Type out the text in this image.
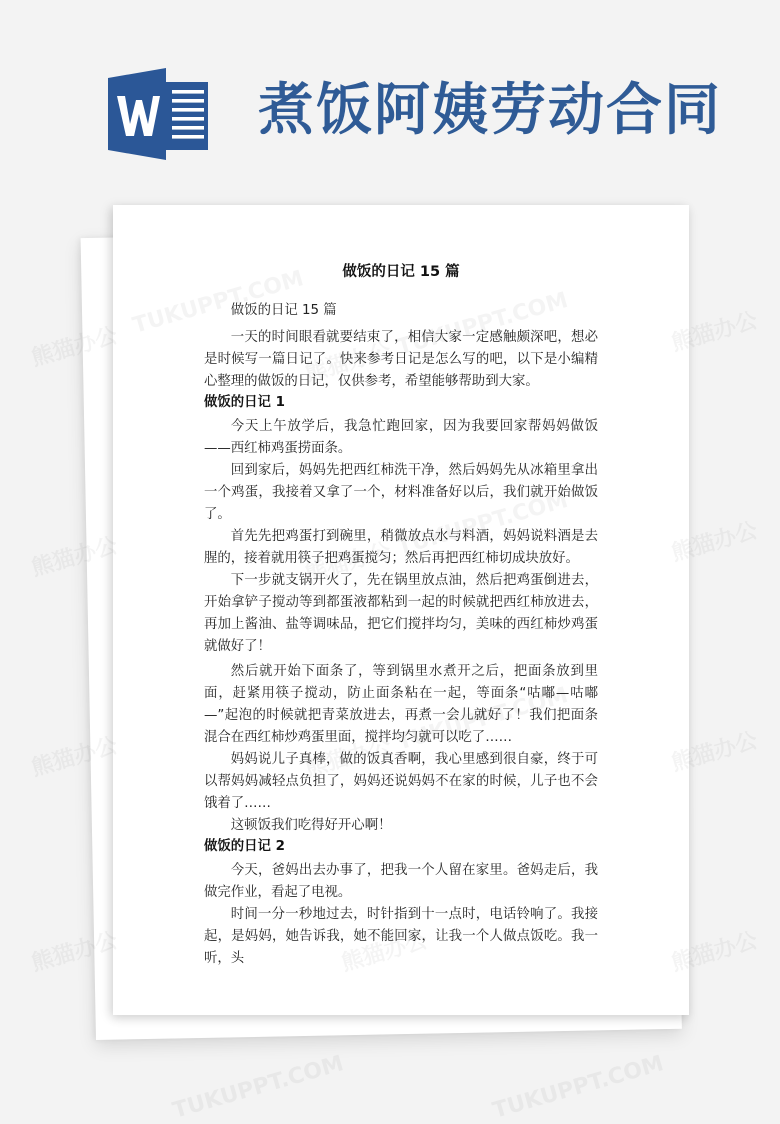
煮饭阿姨劳动合同
做饭的日记 15 篇

做饭的日记 15 篇

一天的时间眼看就要结束了，相信大家一定感触颇深吧，想必是时候写一篇日记了。快来参考日记是怎么写的吧，以下是小编精心整理的做饭的日记，仅供参考，希望能够帮助到大家。

做饭的日记 1

今天上午放学后，我急忙跑回家，因为我要回家帮妈妈做饭——西红柿鸡蛋捞面条。

回到家后，妈妈先把西红柿洗干净，然后妈妈先从冰箱里拿出一个鸡蛋，我接着又拿了一个，材料准备好以后，我们就开始做饭了。

首先先把鸡蛋打到碗里，稍微放点水与料酒，妈妈说料酒是去腥的，接着就用筷子把鸡蛋搅匀；然后再把西红柿切成块放好。

下一步就支锅开火了，先在锅里放点油，然后把鸡蛋倒进去，开始拿铲子搅动等到都蛋液都粘到一起的时候就把西红柿放进去，再加上酱油、盐等调味品，把它们搅拌均匀，美味的西红柿炒鸡蛋就做好了！

然后就开始下面条了，等到锅里水煮开之后，把面条放到里面，赶紧用筷子搅动，防止面条粘在一起，等面条“咕嘟—咕嘟—”起泡的时候就把青菜放进去，再煮一会儿就好了！我们把面条混合在西红柿炒鸡蛋里面，搅拌均匀就可以吃了……

妈妈说儿子真棒，做的饭真香啊，我心里感到很自豪，终于可以帮妈妈减轻点负担了，妈妈还说妈妈不在家的时候，儿子也不会饿着了……

这顿饭我们吃得好开心啊！

做饭的日记 2

今天，爸妈出去办事了，把我一个人留在家里。爸妈走后，我做完作业，看起了电视。

时间一分一秒地过去，时针指到十一点时，电话铃响了。我接起，是妈妈，她告诉我，她不能回家，让我一个人做点饭吃。我一听，头
